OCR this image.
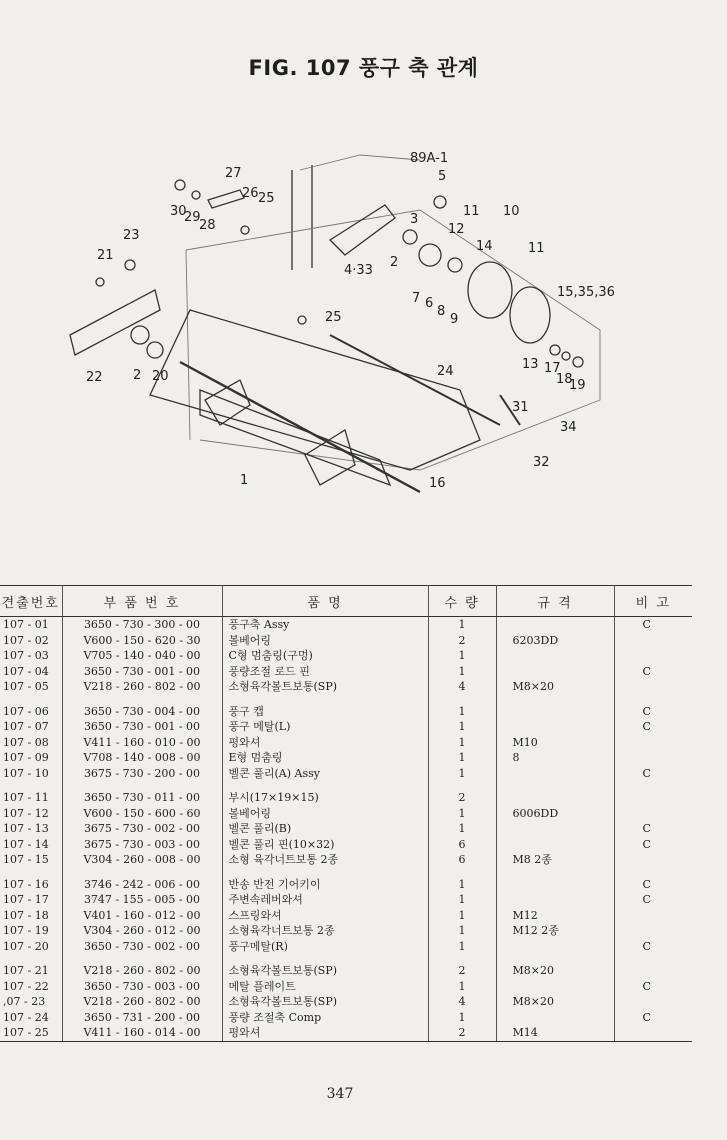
FIG. 107 풍구 축 관계
89A-1
5
27
26 25
30
29
28	3
11 10
12
14	11
23
21
4·33
2
7 6
8
9
15,35,36
25
22 2 20
13 17
18
19
24
31
34
32
1	16
견출번호	부 품 번 호	품 명	수 량	규 격	비 고
107 - 01	3650 - 730 - 300 - 00	풍구축 Assy	1		C
107 - 02	V600 - 150 - 620 - 30	볼베어링	2	6203DD	
107 - 03	V705 - 140 - 040 - 00	C형 멈춤링(구멍)	1		
107 - 04	3650 - 730 - 001 - 00	풍량조절 로드 핀	1		C
107 - 05	V218 - 260 - 802 - 00	소형육각볼트보통(SP)	4	M8×20	

107 - 06	3650 - 730 - 004 - 00	풍구 캡	1		C
107 - 07	3650 - 730 - 001 - 00	풍구 메탈(L)	1		C
107 - 08	V411 - 160 - 010 - 00	평와셔	1	M10	
107 - 09	V708 - 140 - 008 - 00	E형 멈춤링	1	8	
107 - 10	3675 - 730 - 200 - 00	벨콘 풀리(A) Assy	1		C

107 - 11	3650 - 730 - 011 - 00	부시(17×19×15)	2		
107 - 12	V600 - 150 - 600 - 60	볼베어링	1	6006DD	
107 - 13	3675 - 730 - 002 - 00	벨콘 풀리(B)	1		C
107 - 14	3675 - 730 - 003 - 00	벨콘 풀리 핀(10×32)	6		C
107 - 15	V304 - 260 - 008 - 00	소형 육각너트보통 2종	6	M8 2종	

107 - 16	3746 - 242 - 006 - 00	반송 반전 기어키이	1		C
107 - 17	3747 - 155 - 005 - 00	주변속레버와셔	1		C
107 - 18	V401 - 160 - 012 - 00	스프링와셔	1	M12	
107 - 19	V304 - 260 - 012 - 00	소형육각너트보통 2종	1	M12 2종	
107 - 20	3650 - 730 - 002 - 00	풍구메탈(R)	1		C

107 - 21	V218 - 260 - 802 - 00	소형육각볼트보통(SP)	2	M8×20	
107 - 22	3650 - 730 - 003 - 00	메탈 플레이트	1		C
,07 - 23	V218 - 260 - 802 - 00	소형육각볼트보통(SP)	4	M8×20	
107 - 24	3650 - 731 - 200 - 00	풍량 조절축 Comp	1		C
107 - 25	V411 - 160 - 014 - 00	평와셔	2	M14	
347
